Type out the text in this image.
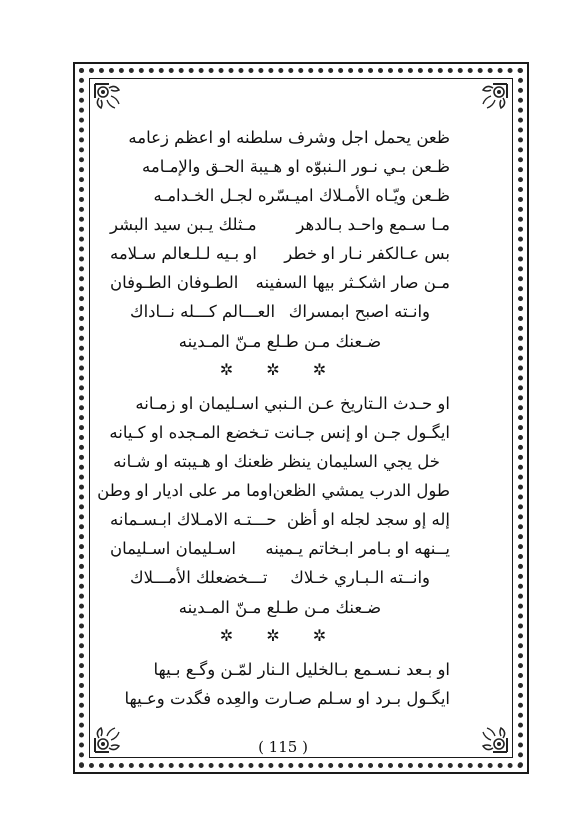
ظعن يحمل اجل وشرف سلطنه او اعظم زعامه
ظـعن بـي نـور الـنبوّه او هـيبة الحـق والإمـامه
ظـعن ويّـاه الأمـلاك اميـسّره لجـل الخـدامـه
مـا سـمع واحـد بـالدهر
مـثلك يـبن سيد البشر
بس عـالكفر نـار او خطر
او بـيه لـلـعالم سـلامه
مـن صار اشكـثر بيها السفينه
الطـوفان الطـوفان
وانـته اصبح ابمسراك
العـــالم كـــله نــاداك
ضـعنك مـن طـلع مـنّ المـدينه
✲ ✲ ✲
او حـدث الـتاريخ عـن الـنبي اسـليمان او زمـانه
ايگـول جـن او إنس جـانت تـخضع المـجده او كـيانه
خل يجي السليمان ينظر ظعنك او هـيبته او شـانه
طول الدرب يمشي الظعن
اوما مر على اديار او وطن
إله إو سجد لجله او أظن
حـــتـه الامـلاك ابـسـمانه
يــنهه او بـامر ابـخاتم يـمينه
اسـليمان اسـليمان
وانــته الـبـاري خـلاك
تـــخضعلك الأمـــلاك
ضـعنك مـن طـلع مـنّ المـدينه
✲ ✲ ✲
او بـعد نـسـمع بـالخليل الـنار لمّـن وگـع بـيها
ايگـول بـرد او سـلم صـارت والعِده فگدت وعـيها
( 115 )
